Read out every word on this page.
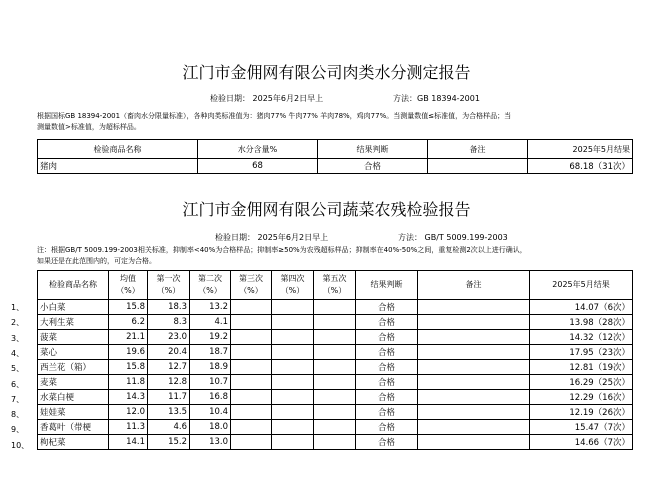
江门市金佣网有限公司肉类水分测定报告
检验日期： 2025年6月2日早上	方法：GB 18394-2001
根据国标GB 18394-2001（畜肉水分限量标准），各种肉类标准值为：猪肉77% 牛肉77% 羊肉78%，鸡肉77%。当测量数值≤标准值，为合格样品；当
测量数值>标准值，为超标样品。
检验商品名称	水分含量%	结果判断	备注	2025年5月结果
猪肉	68	合格		68.18（31次）
江门市金佣网有限公司蔬菜农残检验报告
检验日期： 2025年6月2日早上	方法： GB/T 5009.199-2003
注：根据GB/T 5009.199-2003相关标准，抑制率<40%为合格样品；抑制率≥50%为农残超标样品；抑制率在40%-50%之间，重复检测2次以上进行确认，
如果还是在此范围内的，可定为合格。
检验商品名称	均值（%）	第一次（%）	第二次（%）	第三次（%）	第四次（%）	第五次（%）	结果判断	备注	2025年5月结果
小白菜	15.8	18.3	13.2				合格		14.07（6次）
大利生菜	6.2	8.3	4.1				合格		13.98（28次）
菠菜	21.1	23.0	19.2				合格		14.32（12次）
菜心	19.6	20.4	18.7				合格		17.95（23次）
西兰花（箱）	15.8	12.7	18.9				合格		12.81（19次）
麦菜	11.8	12.8	10.7				合格		16.29（25次）
水菜白梗	14.3	11.7	16.8				合格		12.29（16次）
娃娃菜	12.0	13.5	10.4				合格		12.19（26次）
香葛叶（带梗	11.3	4.6	18.0				合格		15.47（7次）
枸杞菜	14.1	15.2	13.0				合格		14.66（7次）
1、
2、
3、
4、
5、
6、
7、
8、
9、
10、
